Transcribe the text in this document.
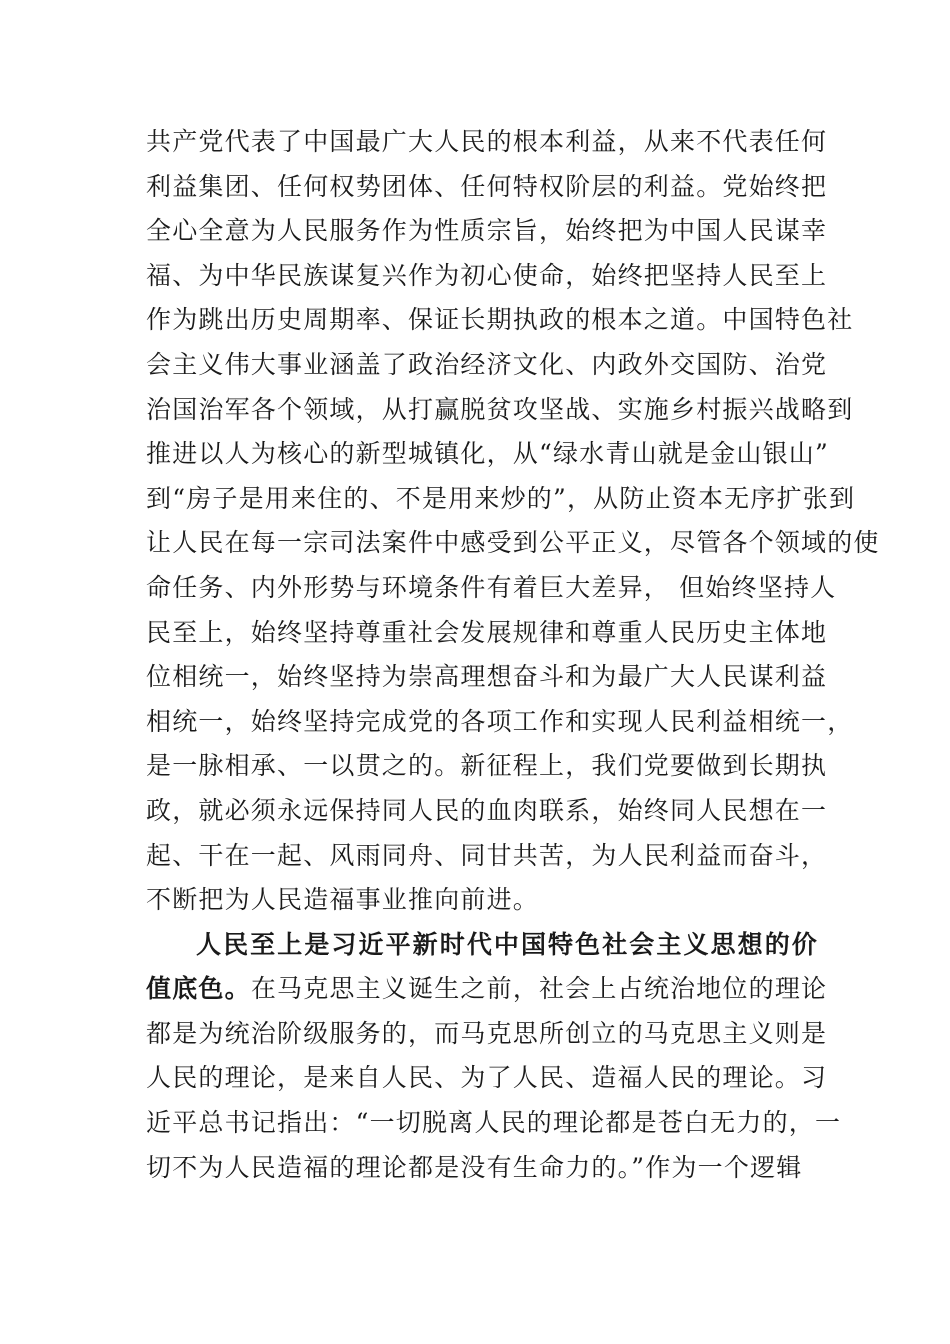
共产党代表了中国最广大人民的根本利益，从来不代表任何
利益集团、任何权势团体、任何特权阶层的利益。党始终把
全心全意为人民服务作为性质宗旨，始终把为中国人民谋幸
福、为中华民族谋复兴作为初心使命，始终把坚持人民至上
作为跳出历史周期率、保证长期执政的根本之道。中国特色社
会主义伟大事业涵盖了政治经济文化、内政外交国防、治党
治国治军各个领域，从打赢脱贫攻坚战、实施乡村振兴战略到
推进以人为核心的新型城镇化，从“绿水青山就是金山银山”
到“房子是用来住的、不是用来炒的”，从防止资本无序扩张到
让人民在每一宗司法案件中感受到公平正义，尽管各个领域的使
命任务、内外形势与环境条件有着巨大差异， 但始终坚持人
民至上，始终坚持尊重社会发展规律和尊重人民历史主体地
位相统一，始终坚持为崇高理想奋斗和为最广大人民谋利益
相统一，始终坚持完成党的各项工作和实现人民利益相统一，
是一脉相承、一以贯之的。新征程上，我们党要做到长期执
政，就必须永远保持同人民的血肉联系，始终同人民想在一
起、干在一起、风雨同舟、同甘共苦，为人民利益而奋斗，
不断把为人民造福事业推向前进。
人民至上是习近平新时代中国特色社会主义思想的价
值底色。在马克思主义诞生之前，社会上占统治地位的理论
都是为统治阶级服务的，而马克思所创立的马克思主义则是
人民的理论，是来自人民、为了人民、造福人民的理论。习
近平总书记指出：“一切脱离人民的理论都是苍白无力的，一
切不为人民造福的理论都是没有生命力的。”作为一个逻辑
